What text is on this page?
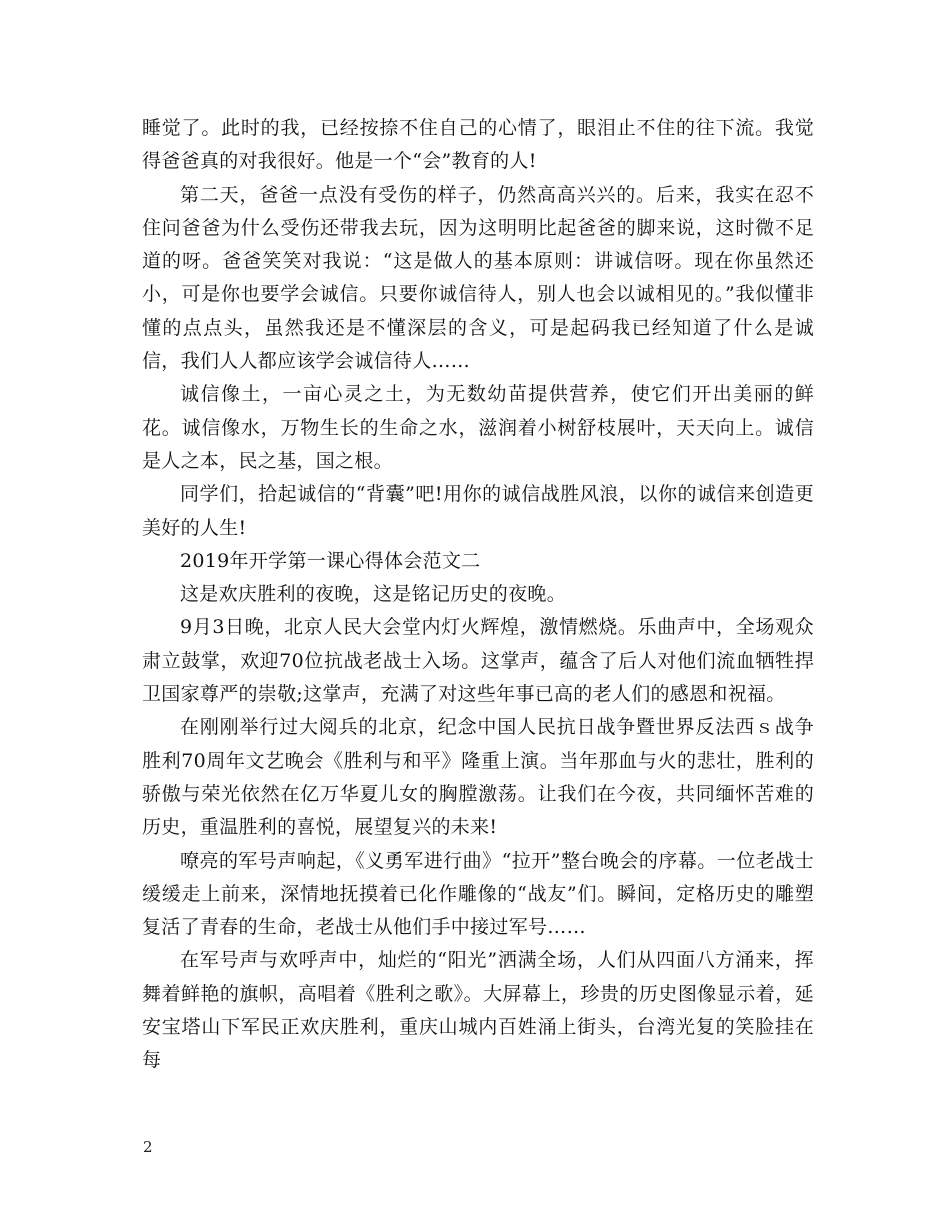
睡觉了。此时的我，已经按捺不住自己的心情了，眼泪止不住的往下流。我觉得爸爸真的对我很好。他是一个“会”教育的人!

第二天，爸爸一点没有受伤的样子，仍然高高兴兴的。后来，我实在忍不住问爸爸为什么受伤还带我去玩，因为这明明比起爸爸的脚来说，这时微不足道的呀。爸爸笑笑对我说：“这是做人的基本原则：讲诚信呀。现在你虽然还小，可是你也要学会诚信。只要你诚信待人，别人也会以诚相见的。”我似懂非懂的点点头，虽然我还是不懂深层的含义，可是起码我已经知道了什么是诚信，我们人人都应该学会诚信待人……

诚信像土，一亩心灵之土，为无数幼苗提供营养，使它们开出美丽的鲜花。诚信像水，万物生长的生命之水，滋润着小树舒枝展叶，天天向上。诚信是人之本，民之基，国之根。

同学们，拾起诚信的“背囊”吧!用你的诚信战胜风浪，以你的诚信来创造更美好的人生!

2019年开学第一课心得体会范文二

这是欢庆胜利的夜晚，这是铭记历史的夜晚。

9月3日晚，北京人民大会堂内灯火辉煌，激情燃烧。乐曲声中，全场观众肃立鼓掌，欢迎70位抗战老战士入场。这掌声，蕴含了后人对他们流血牺牲捍卫国家尊严的崇敬;这掌声，充满了对这些年事已高的老人们的感恩和祝福。

在刚刚举行过大阅兵的北京，纪念中国人民抗日战争暨世界反法西ｓ战争胜利70周年文艺晚会《胜利与和平》隆重上演。当年那血与火的悲壮，胜利的骄傲与荣光依然在亿万华夏儿女的胸膛激荡。让我们在今夜，共同缅怀苦难的历史，重温胜利的喜悦，展望复兴的未来!

嘹亮的军号声响起，《义勇军进行曲》“拉开”整台晚会的序幕。一位老战士缓缓走上前来，深情地抚摸着已化作雕像的“战友”们。瞬间，定格历史的雕塑复活了青春的生命，老战士从他们手中接过军号……

在军号声与欢呼声中，灿烂的“阳光”洒满全场，人们从四面八方涌来，挥舞着鲜艳的旗帜，高唱着《胜利之歌》。大屏幕上，珍贵的历史图像显示着，延安宝塔山下军民正欢庆胜利，重庆山城内百姓涌上街头，台湾光复的笑脸挂在每

2
